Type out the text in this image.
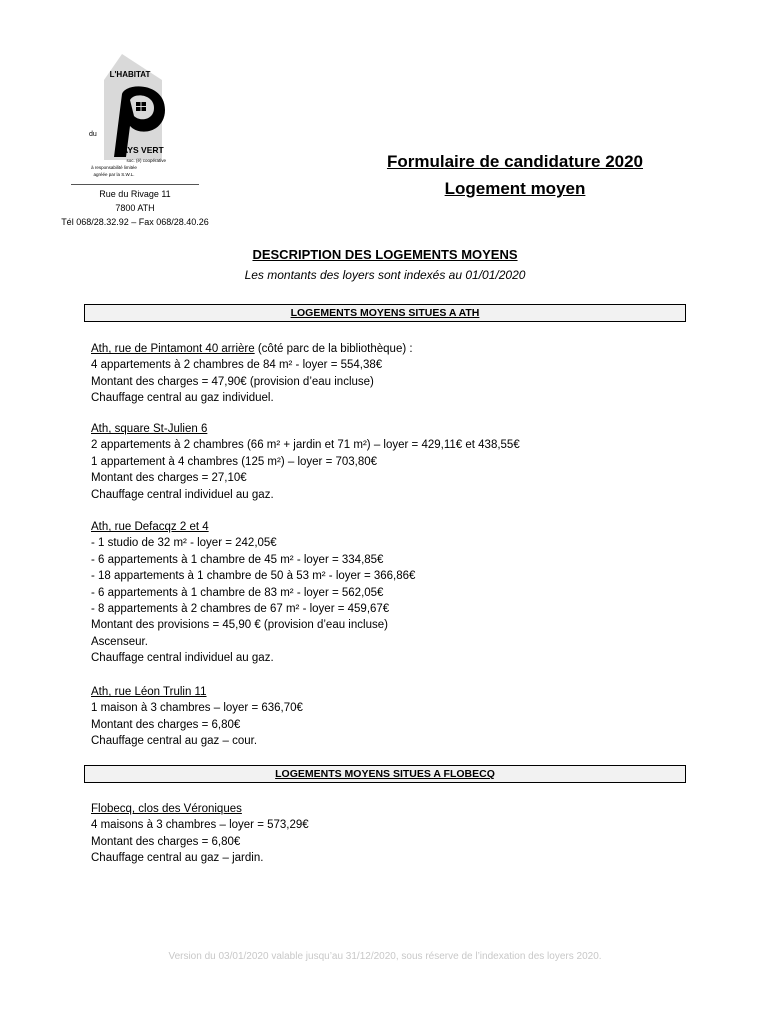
L'HABITAT
du
AYS VERT
soc. (é) coopérative
à responsabilité limitée
agréée par la S.W.L.
Rue du Rivage 11
7800 ATH
Tél 068/28.32.92 – Fax 068/28.40.26
Formulaire de candidature 2020
Logement moyen
DESCRIPTION DES LOGEMENTS MOYENS
Les montants des loyers sont indexés au 01/01/2020
LOGEMENTS MOYENS SITUES A ATH
Ath, rue de Pintamont 40 arrière (côté parc de la bibliothèque) :
4 appartements à 2 chambres de 84 m² - loyer = 554,38€
Montant des charges = 47,90€ (provision d’eau incluse)
Chauffage central au gaz individuel.
Ath, square St-Julien 6
2 appartements à 2 chambres (66 m² + jardin et 71 m²) – loyer = 429,11€ et 438,55€
1 appartement à 4 chambres (125 m²) – loyer = 703,80€
Montant des charges = 27,10€
Chauffage central individuel au gaz.
Ath, rue Defacqz 2 et 4
- 1 studio de 32 m² - loyer = 242,05€
- 6 appartements à 1 chambre de 45 m² - loyer = 334,85€
- 18 appartements à 1 chambre de 50 à 53 m² - loyer = 366,86€
- 6 appartements à 1 chambre de 83 m² - loyer = 562,05€
- 8 appartements à 2 chambres de 67 m² - loyer = 459,67€
Montant des provisions = 45,90 € (provision d’eau incluse)
Ascenseur.
Chauffage central individuel au gaz.
Ath, rue Léon Trulin 11
1 maison à 3 chambres – loyer = 636,70€
Montant des charges = 6,80€
Chauffage central au gaz – cour.
LOGEMENTS MOYENS SITUES A FLOBECQ
Flobecq, clos des Véroniques
4 maisons à 3 chambres – loyer = 573,29€
Montant des charges = 6,80€
Chauffage central au gaz – jardin.
Version du 03/01/2020 valable jusqu’au 31/12/2020, sous réserve de l’indexation des loyers 2020.
